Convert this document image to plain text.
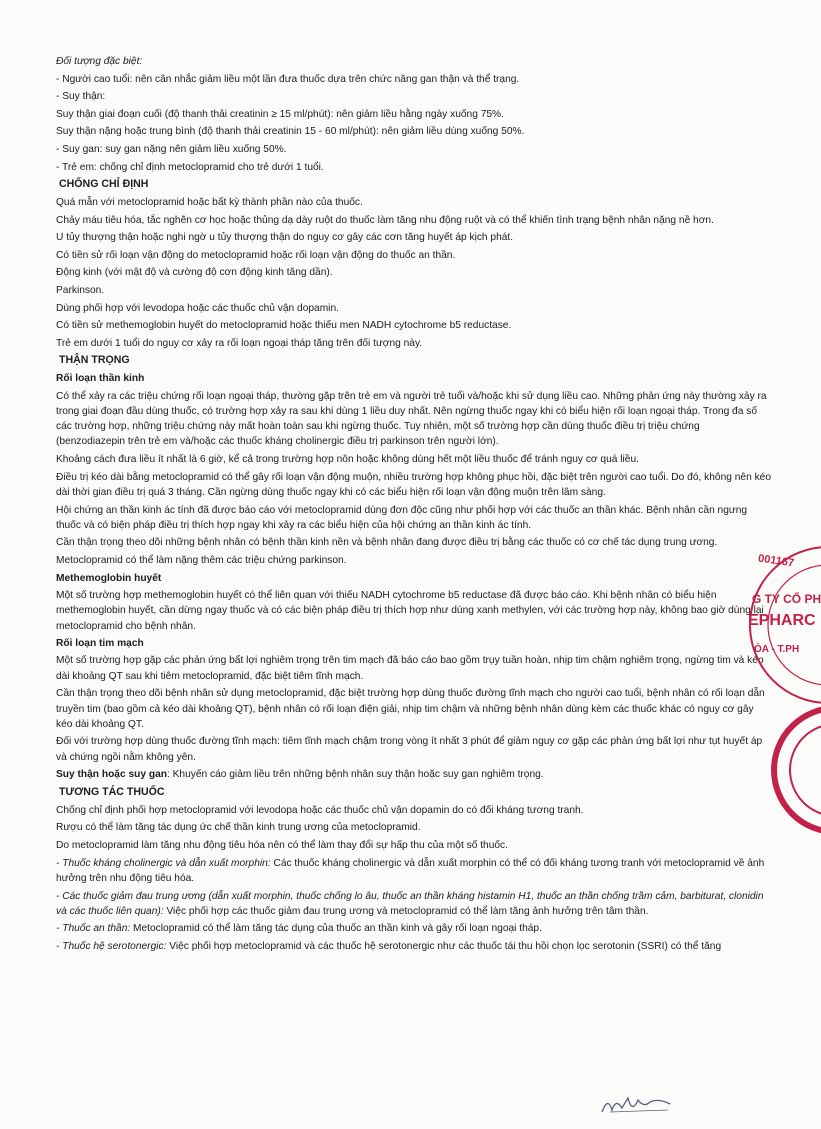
Đối tượng đặc biệt:
- Người cao tuổi: nên cân nhắc giảm liều một lần đưa thuốc dựa trên chức năng gan thận và thể trạng.
- Suy thận:
Suy thận giai đoạn cuối (độ thanh thải creatinin ≥ 15 ml/phút): nên giảm liều hằng ngày xuống 75%.
Suy thận nặng hoặc trung bình (độ thanh thải creatinin 15 - 60 ml/phút): nên giảm liều dùng xuống 50%.
- Suy gan: suy gan nặng nên giảm liều xuống 50%.
- Trẻ em: chống chỉ định metoclopramid cho trẻ dưới 1 tuổi.
CHỐNG CHỈ ĐỊNH
Quá mẫn với metoclopramid hoặc bất kỳ thành phần nào của thuốc.
Chảy máu tiêu hóa, tắc nghẽn cơ học hoặc thủng dạ dày ruột do thuốc làm tăng nhu động ruột và có thể khiến tình trạng bệnh nhân nặng nề hơn.
U tủy thượng thận hoặc nghi ngờ u tủy thượng thận do nguy cơ gây các cơn tăng huyết áp kịch phát.
Có tiền sử rối loạn vận động do metoclopramid hoặc rối loạn vận động do thuốc an thần.
Động kinh (với mật độ và cường độ cơn động kinh tăng dần).
Parkinson.
Dùng phối hợp với levodopa hoặc các thuốc chủ vận dopamin.
Có tiền sử methemoglobin huyết do metoclopramid hoặc thiếu men NADH cytochrome b5 reductase.
Trẻ em dưới 1 tuổi do nguy cơ xảy ra rối loạn ngoại tháp tăng trên đối tượng này.
THẬN TRỌNG
Rối loạn thần kinh
Có thể xảy ra các triệu chứng rối loạn ngoại tháp, thường gặp trên trẻ em và người trẻ tuổi và/hoặc khi sử dụng liều cao. Những phản ứng này thường xảy ra trong giai đoạn đầu dùng thuốc, có trường hợp xảy ra sau khi dùng 1 liều duy nhất. Nên ngừng thuốc ngay khi có biểu hiện rối loạn ngoại tháp. Trong đa số các trường hợp, những triệu chứng này mất hoàn toàn sau khi ngừng thuốc. Tuy nhiên, một số trường hợp cần dùng thuốc điều trị triệu chứng (benzodiazepin trên trẻ em và/hoặc các thuốc kháng cholinergic điều trị parkinson trên người lớn).
Khoảng cách đưa liều ít nhất là 6 giờ, kể cả trong trường hợp nôn hoặc không dùng hết một liều thuốc để tránh nguy cơ quá liều.
Điều trị kéo dài bằng metoclopramid có thể gây rối loạn vận động muộn, nhiều trường hợp không phục hồi, đặc biệt trên người cao tuổi. Do đó, không nên kéo dài thời gian điều trị quá 3 tháng. Cần ngừng dùng thuốc ngay khi có các biểu hiện rối loạn vận động muộn trên lâm sàng.
Hội chứng an thần kinh ác tính đã được báo cáo với metoclopramid dùng đơn độc cũng như phối hợp với các thuốc an thần khác. Bệnh nhân cần ngưng thuốc và có biện pháp điều trị thích hợp ngay khi xảy ra các biểu hiện của hội chứng an thần kinh ác tính.
Cần thận trọng theo dõi những bệnh nhân có bệnh thần kinh nền và bệnh nhân đang được điều trị bằng các thuốc có cơ chế tác dụng trung ương.
Metoclopramid có thể làm nặng thêm các triệu chứng parkinson.
Methemoglobin huyết
Một số trường hợp methemoglobin huyết có thể liên quan với thiếu NADH cytochrome b5 reductase đã được báo cáo. Khi bệnh nhân có biểu hiện methemoglobin huyết, cần dừng ngay thuốc và có các biện pháp điều trị thích hợp như dùng xanh methylen, với các trường hợp này, không bao giờ dùng lại metoclopramid cho bệnh nhân.
Rối loạn tim mạch
Một số trường hợp gặp các phản ứng bất lợi nghiêm trọng trên tim mạch đã báo cáo bao gồm trụy tuần hoàn, nhịp tim chậm nghiêm trọng, ngừng tim và kéo dài khoảng QT sau khi tiêm metoclopramid, đặc biệt tiêm tĩnh mạch.
Cần thận trọng theo dõi bệnh nhân sử dụng metoclopramid, đặc biệt trường hợp dùng thuốc đường tĩnh mạch cho người cao tuổi, bệnh nhân có rối loạn dẫn truyền tim (bao gồm cả kéo dài khoảng QT), bệnh nhân có rối loạn điện giải, nhịp tim chậm và những bệnh nhân dùng kèm các thuốc khác có nguy cơ gây kéo dài khoảng QT.
Đối với trường hợp dùng thuốc đường tĩnh mạch: tiêm tĩnh mạch chậm trong vòng ít nhất 3 phút để giảm nguy cơ gặp các phản ứng bất lợi như tụt huyết áp và chứng ngồi nằm không yên.
Suy thận hoặc suy gan: Khuyến cáo giảm liều trên những bệnh nhân suy thận hoặc suy gan nghiêm trọng.
TƯƠNG TÁC THUỐC
Chống chỉ định phối hợp metoclopramid với levodopa hoặc các thuốc chủ vận dopamin do có đối kháng tương tranh.
Rượu có thể làm tăng tác dụng ức chế thần kinh trung ương của metoclopramid.
Do metoclopramid làm tăng nhu động tiêu hóa nên có thể làm thay đổi sự hấp thu của một số thuốc.
- Thuốc kháng cholinergic và dẫn xuất morphin: Các thuốc kháng cholinergic và dẫn xuất morphin có thể có đối kháng tương tranh với metoclopramid về ảnh hưởng trên nhu động tiêu hóa.
- Các thuốc giảm đau trung ương (dẫn xuất morphin, thuốc chống lo âu, thuốc an thần kháng histamin H1, thuốc an thần chống trầm cảm, barbiturat, clonidin và các thuốc liên quan): Việc phối hợp các thuốc giảm đau trung ương và metoclopramid có thể làm tăng ảnh hưởng trên tâm thần.
- Thuốc an thần: Metoclopramid có thể làm tăng tác dụng của thuốc an thần kinh và gây rối loạn ngoại tháp.
- Thuốc hệ serotonergic: Việc phối hợp metoclopramid và các thuốc hệ serotonergic như các thuốc tái thu hồi chọn lọc serotonin (SSRI) có thể tăng
001167
G TY CỔ PH
EPHARC
ÒA - T.PH
